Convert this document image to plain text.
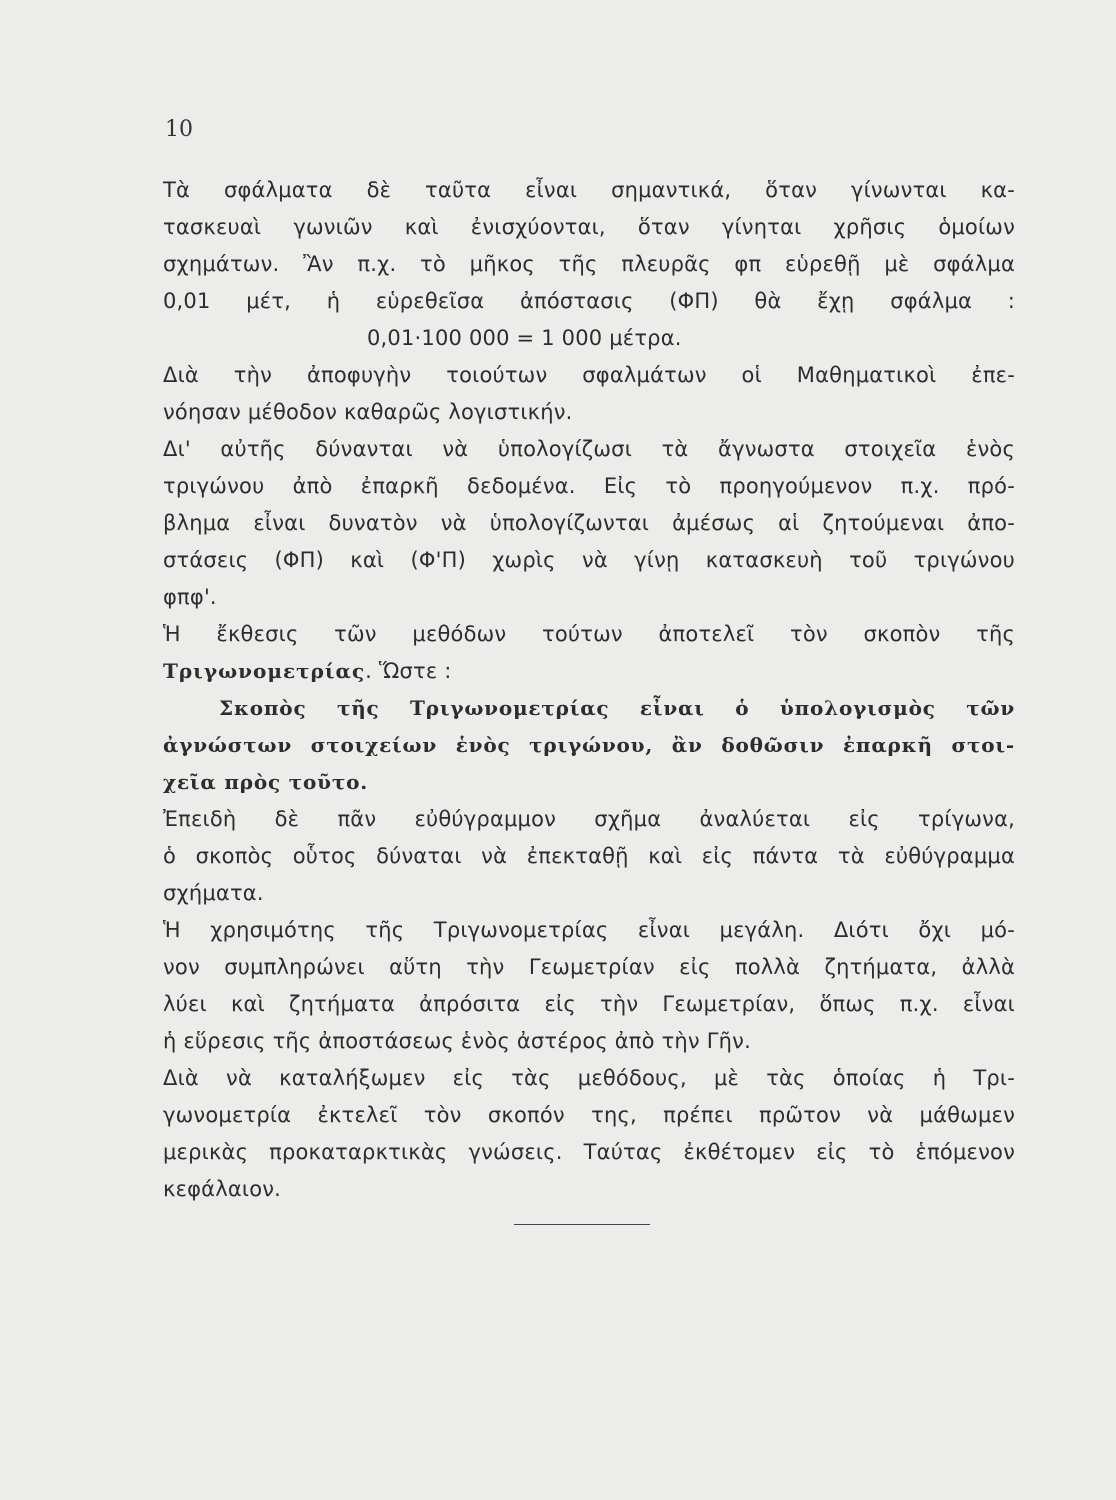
10
Τὰ σφάλματα δὲ ταῦτα εἶναι σημαντικά, ὅταν γίνωνται κα-
τασκευαὶ γωνιῶν καὶ ἐνισχύονται, ὅταν γίνηται χρῆσις ὁμοίων
σχημάτων. Ἂν π.χ. τὸ μῆκος τῆς πλευρᾶς φπ εὑρεθῇ μὲ σφάλμα
0,01 μέτ, ἡ εὑρεθεῖσα ἀπόστασις (ΦΠ) θὰ ἔχῃ σφάλμα :
0,01·100 000 = 1 000 μέτρα.
Διὰ τὴν ἀποφυγὴν τοιούτων σφαλμάτων οἱ Μαθηματικοὶ ἐπε-
νόησαν μέθοδον καθαρῶς λογιστικήν.
Δι' αὐτῆς δύνανται νὰ ὑπολογίζωσι τὰ ἄγνωστα στοιχεῖα ἑνὸς
τριγώνου ἀπὸ ἐπαρκῆ δεδομένα. Εἰς τὸ προηγούμενον π.χ. πρό-
βλημα εἶναι δυνατὸν νὰ ὑπολογίζωνται ἀμέσως αἱ ζητούμεναι ἀπο-
στάσεις (ΦΠ) καὶ (Φ'Π) χωρὶς νὰ γίνῃ κατασκευὴ τοῦ τριγώνου
φπφ'.
Ἡ ἔκθεσις τῶν μεθόδων τούτων ἀποτελεῖ τὸν σκοπὸν τῆς
Τριγωνομετρίας. Ὥστε :
Σκοπὸς τῆς Τριγωνομετρίας εἶναι ὁ ὑπολογισμὸς τῶν
ἀγνώστων στοιχείων ἑνὸς τριγώνου, ἂν δοθῶσιν ἐπαρκῆ στοι-
χεῖα πρὸς τοῦτο.
Ἐπειδὴ δὲ πᾶν εὐθύγραμμον σχῆμα ἀναλύεται εἰς τρίγωνα,
ὁ σκοπὸς οὗτος δύναται νὰ ἐπεκταθῇ καὶ εἰς πάντα τὰ εὐθύγραμμα
σχήματα.
Ἡ χρησιμότης τῆς Τριγωνομετρίας εἶναι μεγάλη. Διότι ὄχι μό-
νον συμπληρώνει αὕτη τὴν Γεωμετρίαν εἰς πολλὰ ζητήματα, ἀλλὰ
λύει καὶ ζητήματα ἀπρόσιτα εἰς τὴν Γεωμετρίαν, ὅπως π.χ. εἶναι
ἡ εὕρεσις τῆς ἀποστάσεως ἑνὸς ἀστέρος ἀπὸ τὴν Γῆν.
Διὰ νὰ καταλήξωμεν εἰς τὰς μεθόδους, μὲ τὰς ὁποίας ἡ Τρι-
γωνομετρία ἐκτελεῖ τὸν σκοπόν της, πρέπει πρῶτον νὰ μάθωμεν
μερικὰς προκαταρκτικὰς γνώσεις. Ταύτας ἐκθέτομεν εἰς τὸ ἑπόμενον
κεφάλαιον.
